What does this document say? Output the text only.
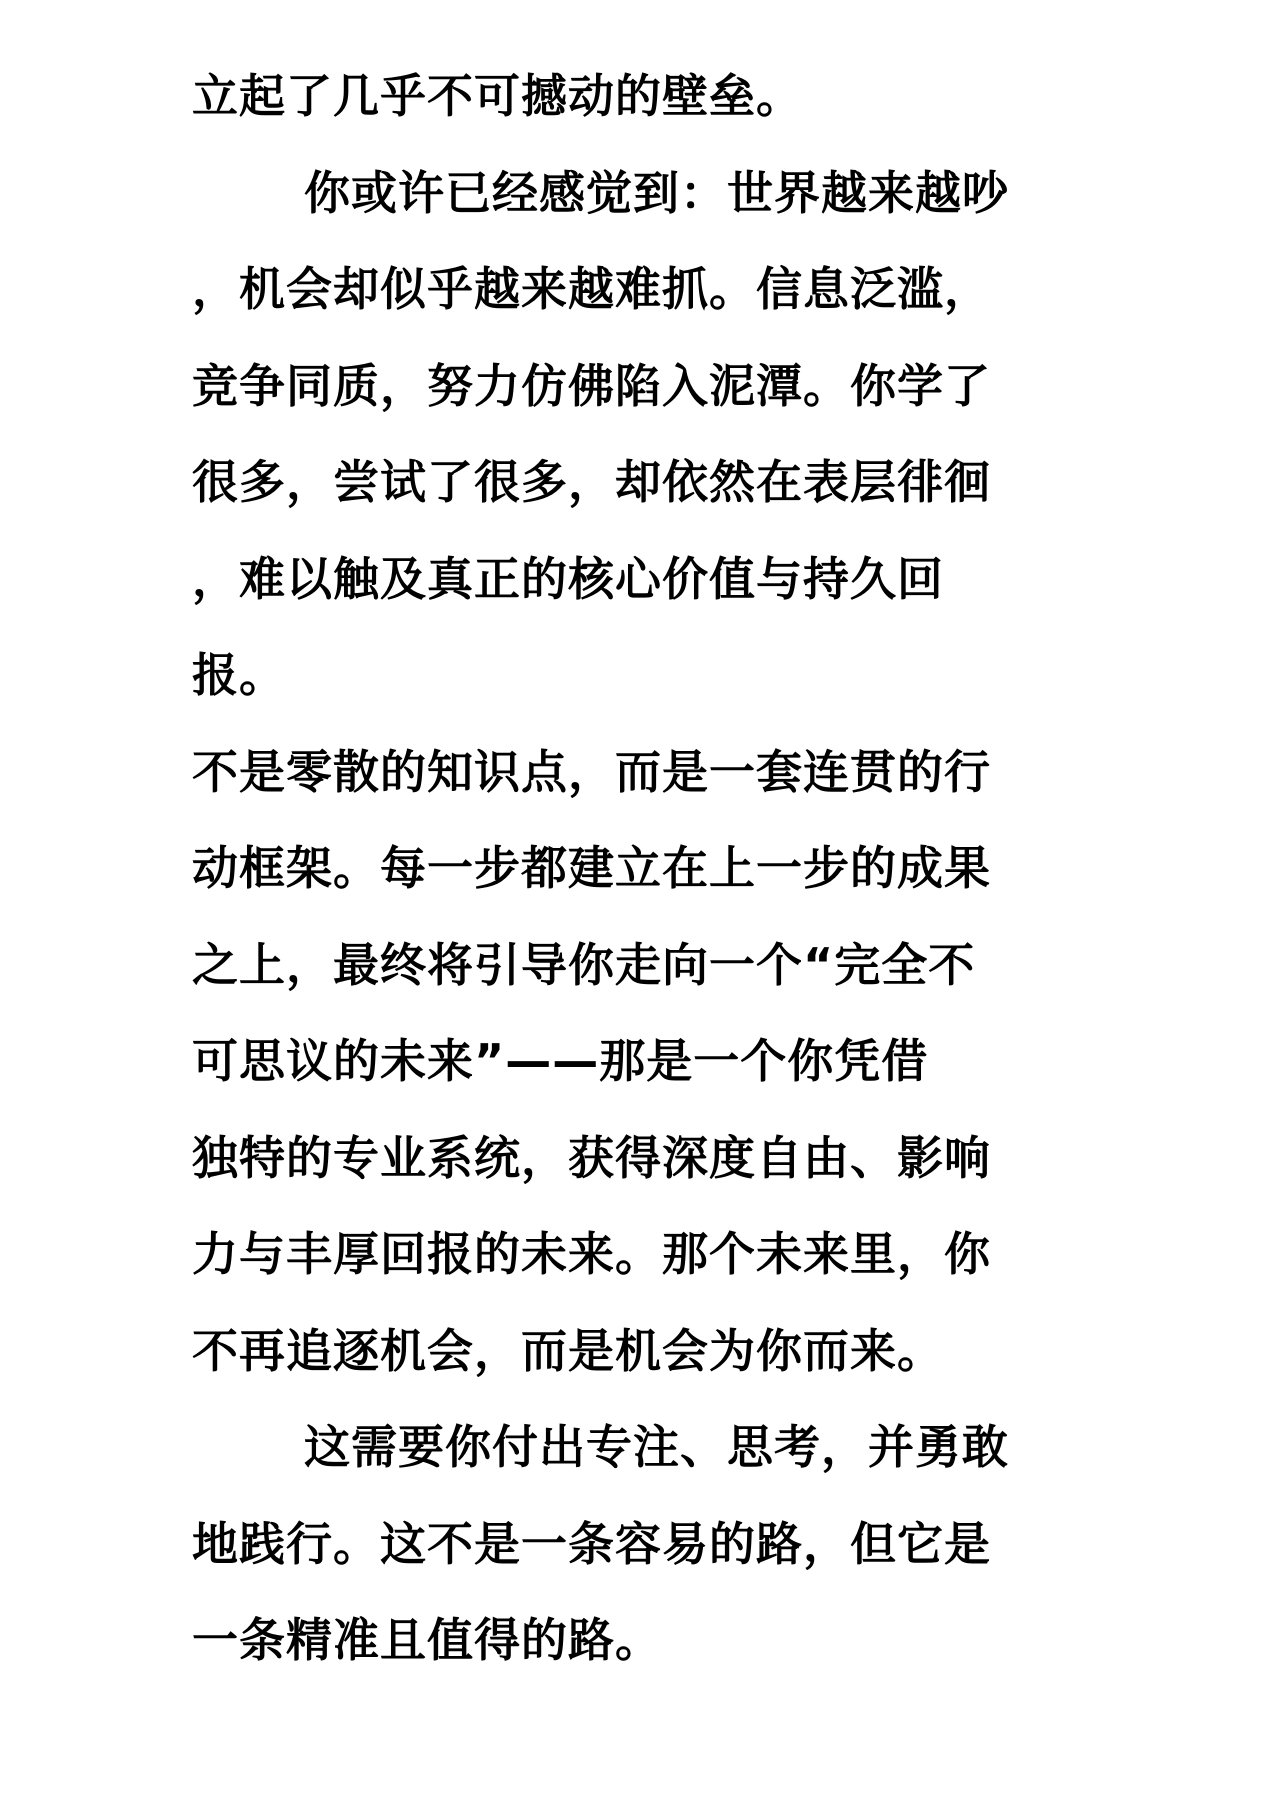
立起了几乎不可撼动的壁垒。
你或许已经感觉到：世界越来越吵
，机会却似乎越来越难抓。信息泛滥，
竞争同质，努力仿佛陷入泥潭。你学了
很多，尝试了很多，却依然在表层徘徊
，难以触及真正的核心价值与持久回
报。
不是零散的知识点，而是一套连贯的行
动框架。每一步都建立在上一步的成果
之上，最终将引导你走向一个“完全不
可思议的未来”——那是一个你凭借
独特的专业系统，获得深度自由、影响
力与丰厚回报的未来。那个未来里，你
不再追逐机会，而是机会为你而来。
这需要你付出专注、思考，并勇敢
地践行。这不是一条容易的路，但它是
一条精准且值得的路。
